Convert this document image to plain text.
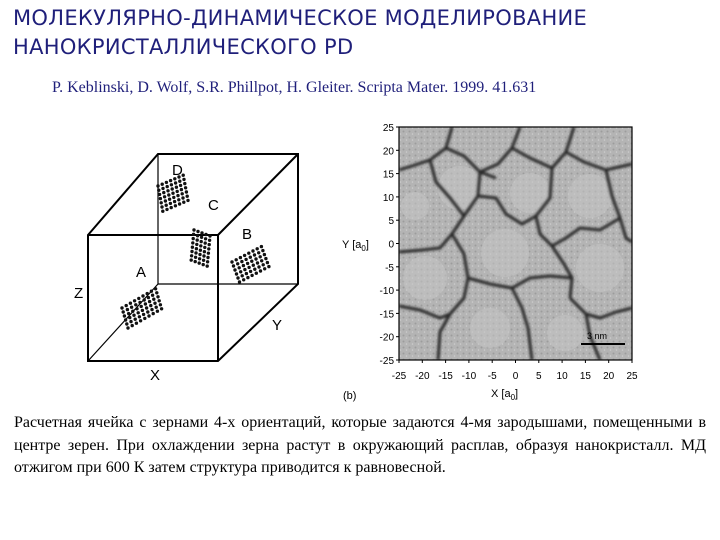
МОЛЕКУЛЯРНО-ДИНАМИЧЕСКОЕ МОДЕЛИРОВАНИЕ
НАНОКРИСТАЛЛИЧЕСКОГО PD
P. Keblinski, D. Wolf, S.R. Phillpot, H. Gleiter. Scripta Mater. 1999. 41.631
D
C
B
A
Z
X
Y
3 nm
25
20
15
10
5
0
-5
-10
-15
-20
-25
-25 -20 -15 -10 -5 0 5 10 15 20 25
Y $[a_0]$
X $[a_0]$
(b)

Расчетная ячейка с зернами 4-х ориентаций, которые задаются 4-мя зародышами, помещенными в центре зерен. При охлаждении зерна растут в окружающий расплав, образуя нанокристалл. МД отжигом при 600 К затем структура приводится к равновесной.
